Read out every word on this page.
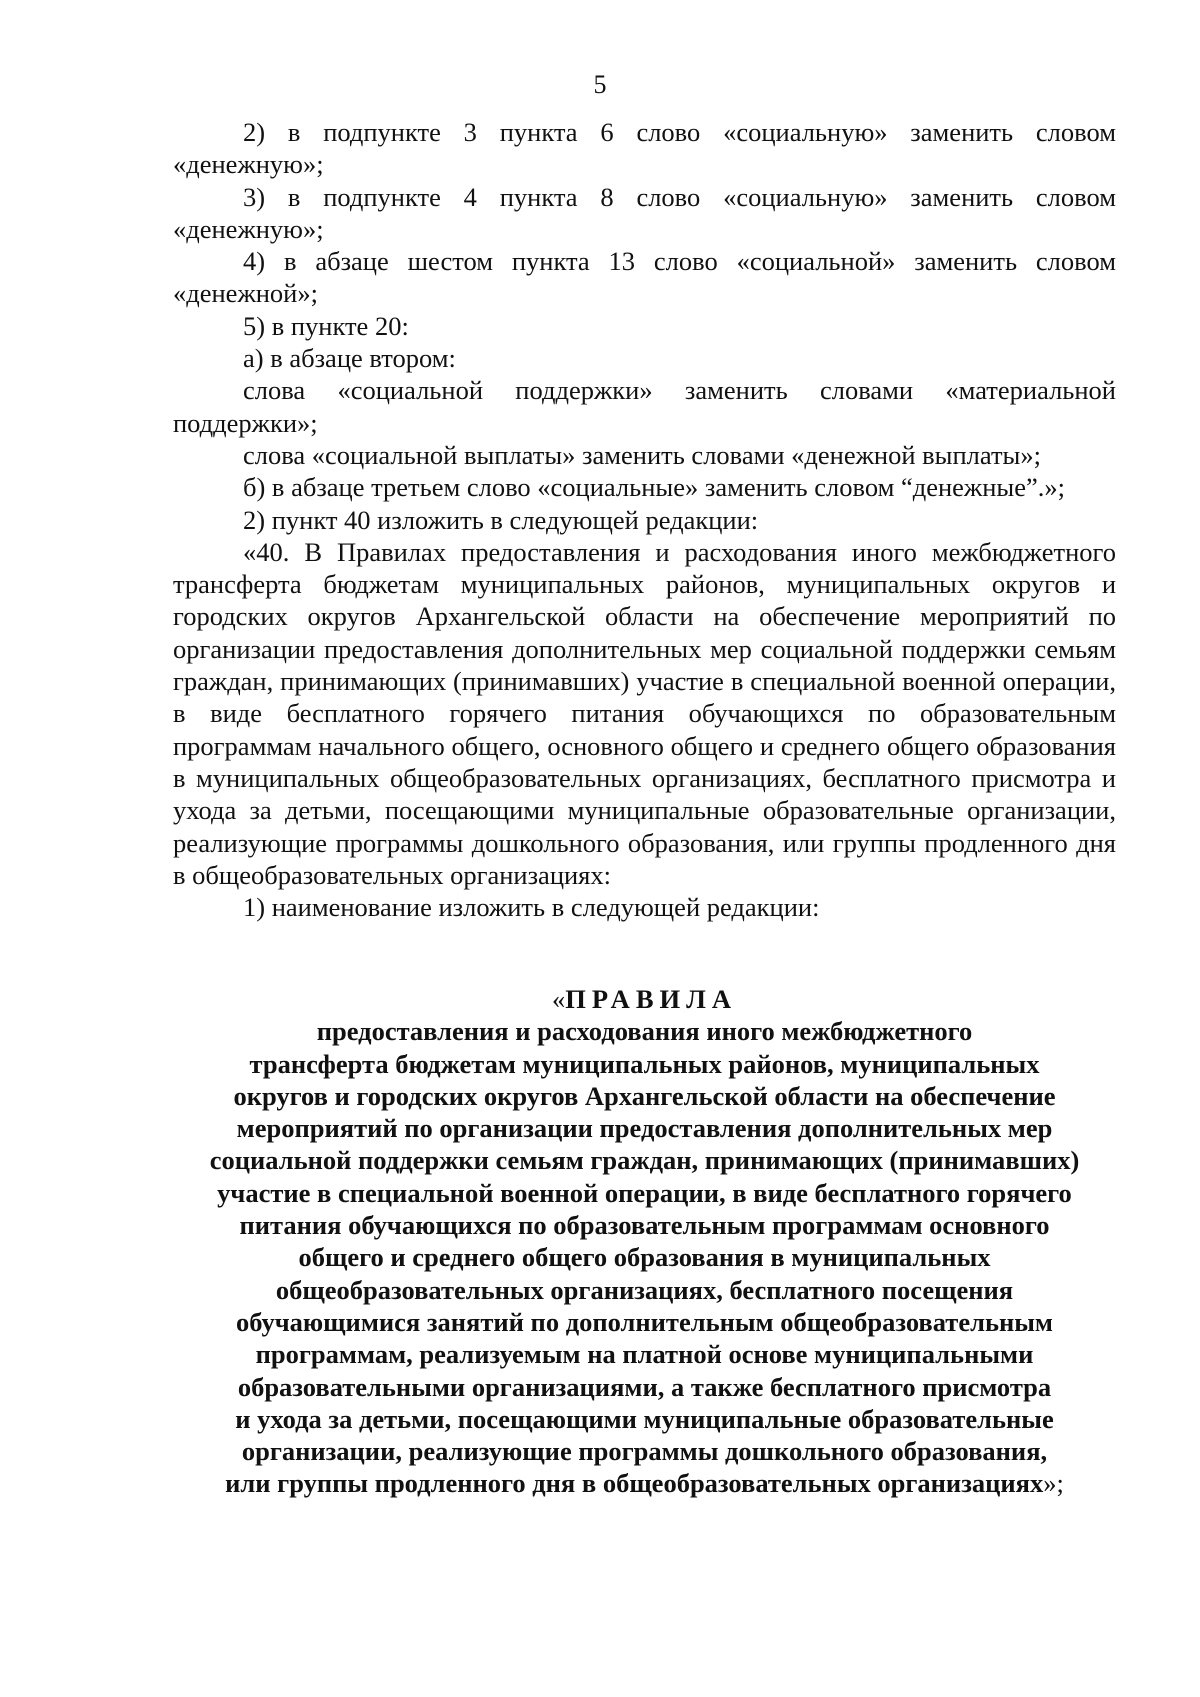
5

2) в подпункте 3 пункта 6 слово «социальную» заменить словом «денежную»;

3) в подпункте 4 пункта 8 слово «социальную» заменить словом «денежную»;

4) в абзаце шестом пункта 13 слово «социальной» заменить словом «денежной»;

5) в пункте 20:

а) в абзаце втором:

слова «социальной поддержки» заменить словами «материальной поддержки»;

слова «социальной выплаты» заменить словами «денежной выплаты»;

б) в абзаце третьем слово «социальные» заменить словом “денежные”.»;

2) пункт 40 изложить в следующей редакции:

«40. В Правилах предоставления и расходования иного межбюджетного трансферта бюджетам муниципальных районов, муниципальных округов и городских округов Архангельской области на обеспечение мероприятий по организации предоставления дополнительных мер социальной поддержки семьям граждан, принимающих (принимавших) участие в специальной военной операции, в виде бесплатного горячего питания обучающихся по образовательным программам начального общего, основного общего и среднего общего образования в муниципальных общеобразовательных организациях, бесплатного присмотра и ухода за детьми, посещающими муниципальные образовательные организации, реализующие программы дошкольного образования, или группы продленного дня в общеобразовательных организациях:

1) наименование изложить в следующей редакции:

«ПРАВИЛА
предоставления и расходования иного межбюджетного
трансферта бюджетам муниципальных районов, муниципальных
округов и городских округов Архангельской области на обеспечение
мероприятий по организации предоставления дополнительных мер
социальной поддержки семьям граждан, принимающих (принимавших)
участие в специальной военной операции, в виде бесплатного горячего
питания обучающихся по образовательным программам основного
общего и среднего общего образования в муниципальных
общеобразовательных организациях, бесплатного посещения
обучающимися занятий по дополнительным общеобразовательным
программам, реализуемым на платной основе муниципальными
образовательными организациями, а также бесплатного присмотра
и ухода за детьми, посещающими муниципальные образовательные
организации, реализующие программы дошкольного образования,
или группы продленного дня в общеобразовательных организациях»;
